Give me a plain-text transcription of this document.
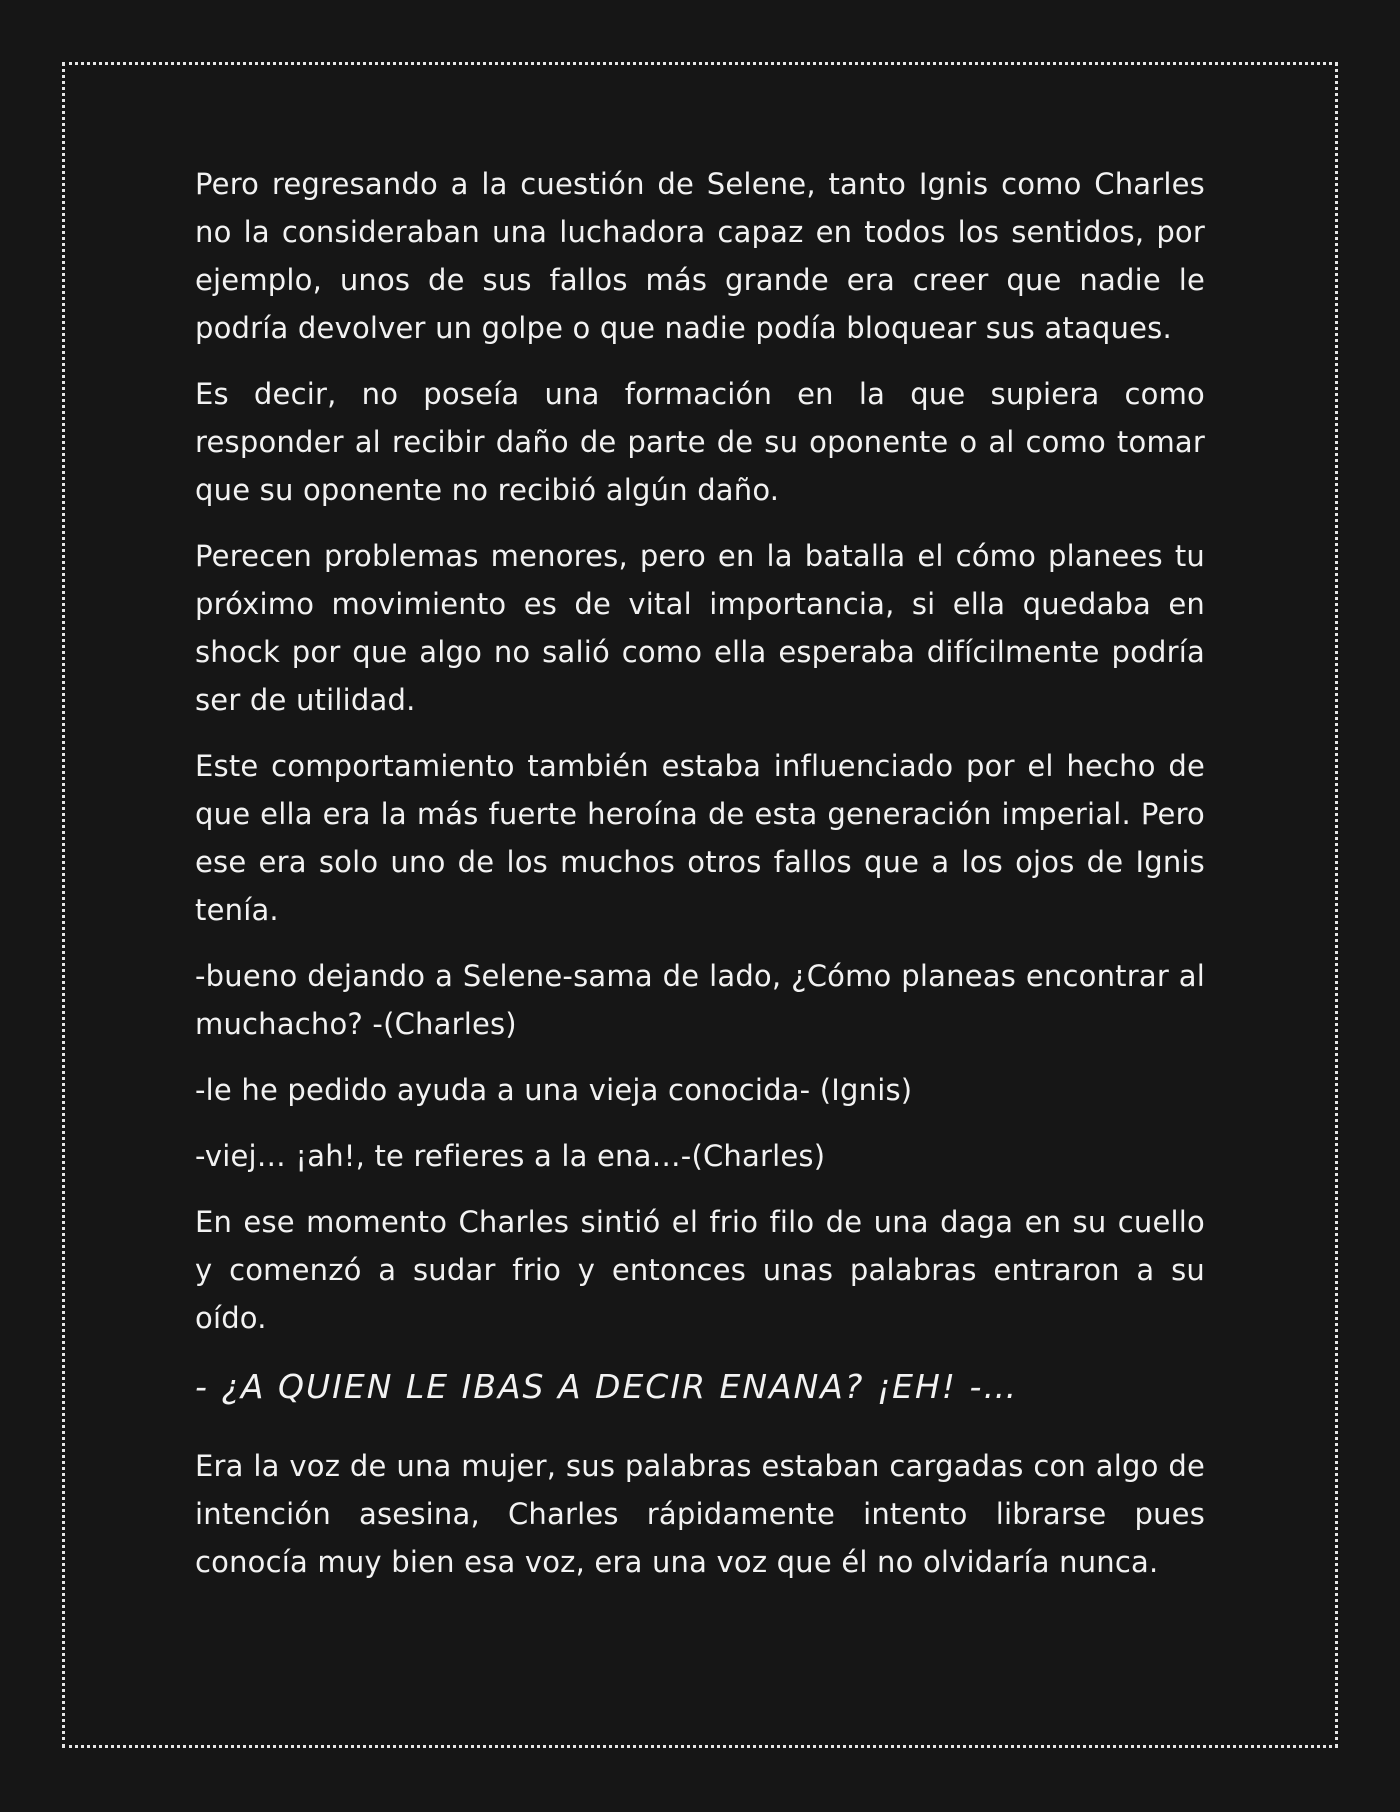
Pero regresando a la cuestión de Selene, tanto Ignis como Charles no la consideraban una luchadora capaz en todos los sentidos, por ejemplo, unos de sus fallos más grande era creer que nadie le podría devolver un golpe o que nadie podía bloquear sus ataques.

Es decir, no poseía una formación en la que supiera como responder al recibir daño de parte de su oponente o al como tomar que su oponente no recibió algún daño.

Perecen problemas menores, pero en la batalla el cómo planees tu próximo movimiento es de vital importancia, si ella quedaba en shock por que algo no salió como ella esperaba difícilmente podría ser de utilidad.

Este comportamiento también estaba influenciado por el hecho de que ella era la más fuerte heroína de esta generación imperial. Pero ese era solo uno de los muchos otros fallos que a los ojos de Ignis tenía.

-bueno dejando a Selene-sama de lado, ¿Cómo planeas encontrar al muchacho? -(Charles)

-le he pedido ayuda a una vieja conocida- (Ignis)

-viej… ¡ah!, te refieres a la ena…-(Charles)

En ese momento Charles sintió el frio filo de una daga en su cuello y comenzó a sudar frio y entonces unas palabras entraron a su oído.

- ¿A QUIEN LE IBAS A DECIR ENANA? ¡EH! -…

Era la voz de una mujer, sus palabras estaban cargadas con algo de intención asesina, Charles rápidamente intento librarse pues conocía muy bien esa voz, era una voz que él no olvidaría nunca.
